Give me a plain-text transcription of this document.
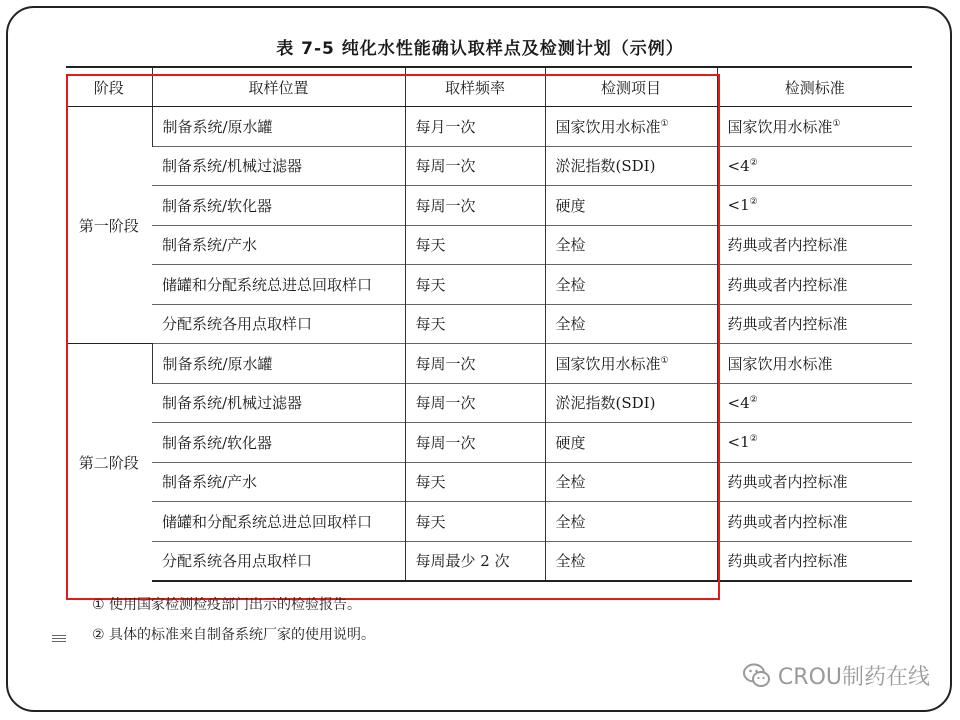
表 7-5 纯化水性能确认取样点及检测计划（示例）
阶段	取样位置	取样频率	检测项目	检测标准
第一阶段	制备系统/原水罐	每月一次	国家饮用水标准①	国家饮用水标准①
	制备系统/机械过滤器	每周一次	淤泥指数(SDI)	<4②
	制备系统/软化器	每周一次	硬度	<1②
	制备系统/产水	每天	全检	药典或者内控标准
	储罐和分配系统总进总回取样口	每天	全检	药典或者内控标准
	分配系统各用点取样口	每天	全检	药典或者内控标准
第二阶段	制备系统/原水罐	每周一次	国家饮用水标准①	国家饮用水标准
	制备系统/机械过滤器	每周一次	淤泥指数(SDI)	<4②
	制备系统/软化器	每周一次	硬度	<1②
	制备系统/产水	每天	全检	药典或者内控标准
	储罐和分配系统总进总回取样口	每天	全检	药典或者内控标准
	分配系统各用点取样口	每周最少 2 次	全检	药典或者内控标准
① 使用国家检测检疫部门出示的检验报告。
② 具体的标准来自制备系统厂家的使用说明。
CROU制药在线
